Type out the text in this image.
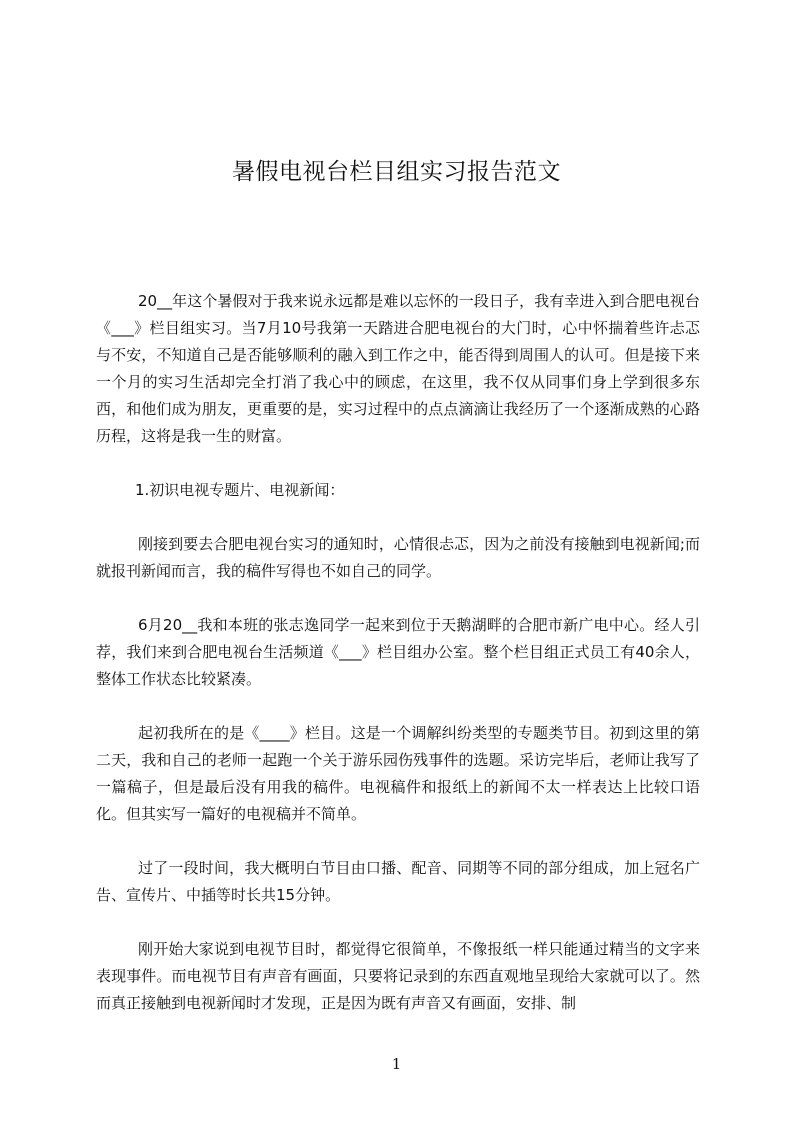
暑假电视台栏目组实习报告范文

20__年这个暑假对于我来说永远都是难以忘怀的一段日子，我有幸进入到合肥电视台《___》栏目组实习。当7月10号我第一天踏进合肥电视台的大门时，心中怀揣着些许忐忑与不安，不知道自己是否能够顺利的融入到工作之中，能否得到周围人的认可。但是接下来一个月的实习生活却完全打消了我心中的顾虑，在这里，我不仅从同事们身上学到很多东西，和他们成为朋友，更重要的是，实习过程中的点点滴滴让我经历了一个逐渐成熟的心路历程，这将是我一生的财富。

1.初识电视专题片、电视新闻：

刚接到要去合肥电视台实习的通知时，心情很忐忑，因为之前没有接触到电视新闻;而就报刊新闻而言，我的稿件写得也不如自己的同学。

6月20__我和本班的张志逸同学一起来到位于天鹅湖畔的合肥市新广电中心。经人引荐，我们来到合肥电视台生活频道《___》栏目组办公室。整个栏目组正式员工有40余人，整体工作状态比较紧凑。

起初我所在的是《____》栏目。这是一个调解纠纷类型的专题类节目。初到这里的第二天，我和自己的老师一起跑一个关于游乐园伤残事件的选题。采访完毕后，老师让我写了一篇稿子，但是最后没有用我的稿件。电视稿件和报纸上的新闻不太一样表达上比较口语化。但其实写一篇好的电视稿并不简单。

过了一段时间，我大概明白节目由口播、配音、同期等不同的部分组成，加上冠名广告、宣传片、中插等时长共15分钟。

刚开始大家说到电视节目时，都觉得它很简单，不像报纸一样只能通过精当的文字来表现事件。而电视节目有声音有画面，只要将记录到的东西直观地呈现给大家就可以了。然而真正接触到电视新闻时才发现，正是因为既有声音又有画面，安排、制

1
